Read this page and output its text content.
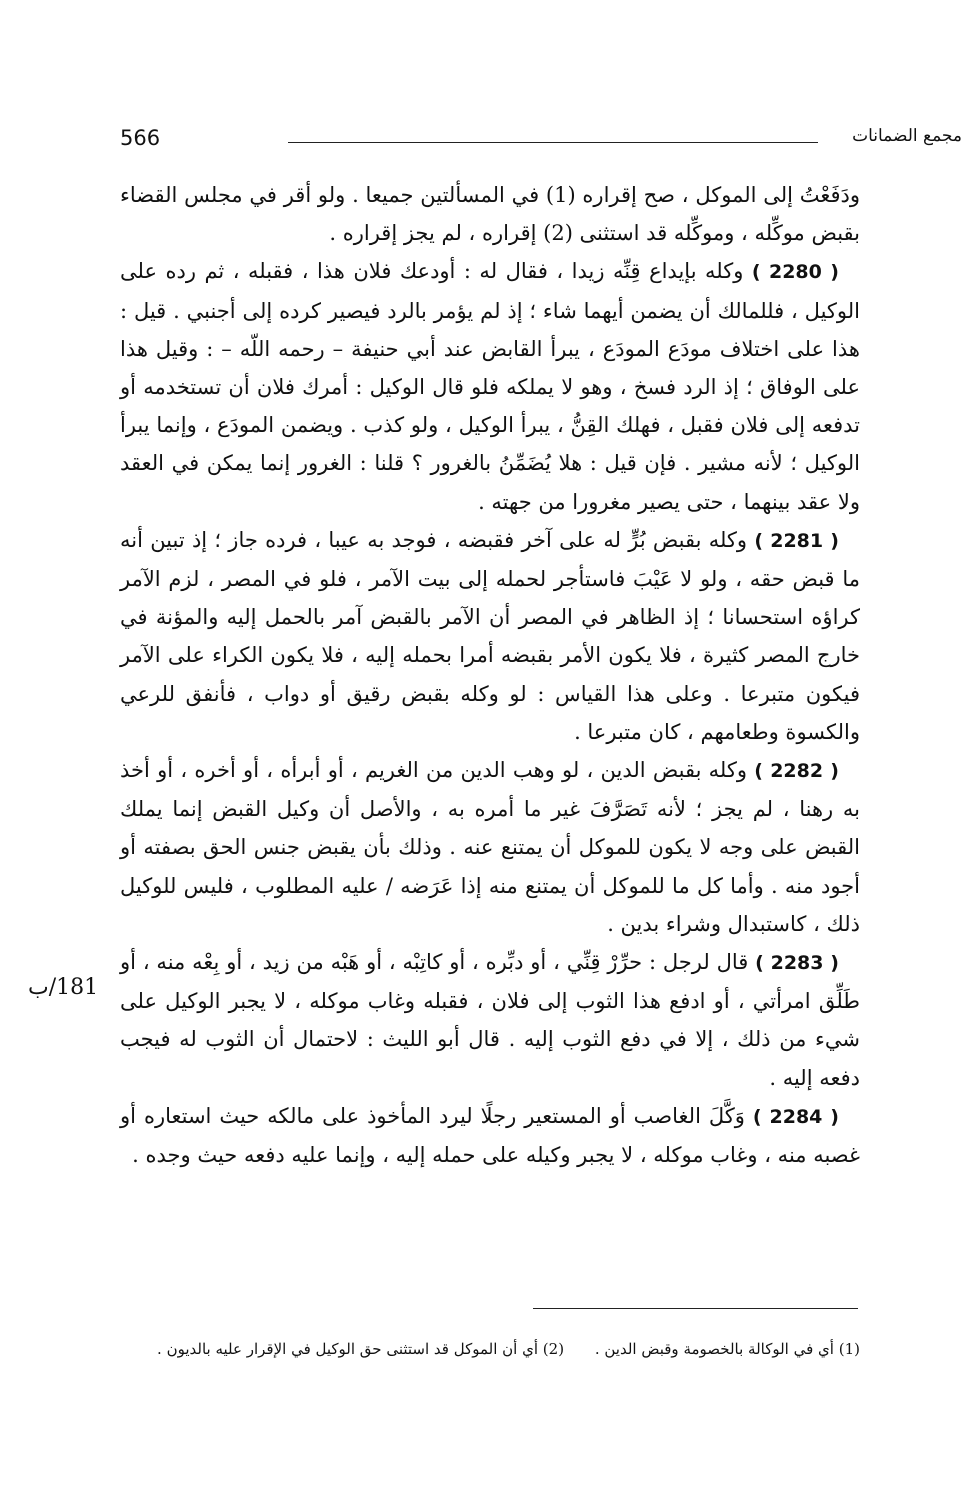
566	مجمع الضمانات

ودَفَعْتُ إلى الموكل ، صح إقراره (1) في المسألتين جميعا . ولو أقر في مجلس القضاء بقبض موكِّله ، وموكِّله قد استثنى (2) إقراره ، لم يجز إقراره .

 ( 2280 ) وكله بإيداع قِنِّه زيدا ، فقال له : أودعك فلان هذا ، فقبله ، ثم رده على الوكيل ، فللمالك أن يضمن أيهما شاء ؛ إذ لم يؤمر بالرد فيصير كرده إلى أجنبي . قيل : هذا على اختلاف مودَع المودَع ، يبرأ القابض عند أبي حنيفة – رحمه اللّه – : وقيل هذا على الوفاق ؛ إذ الرد فسخ ، وهو لا يملكه فلو قال الوكيل : أمرك فلان أن تستخدمه أو تدفعه إلى فلان فقبل ، فهلك القِنُّ ، يبرأ الوكيل ، ولو كذب . ويضمن المودَع ، وإنما يبرأ الوكيل ؛ لأنه مشير . فإن قيل : هلا يُضَمِّنُ بالغرور ؟ قلنا : الغرور إنما يمكن في العقد ولا عقد بينهما ، حتى يصير مغرورا من جهته .

 ( 2281 ) وكله بقبض بُرٍّ له على آخر فقبضه ، فوجد به عيبا ، فرده جاز ؛ إذ تبين أنه ما قبض حقه ، ولو لا عَيْبَ فاستأجر لحمله إلى بيت الآمر ، فلو في المصر ، لزم الآمر كراؤه استحسانا ؛ إذ الظاهر في المصر أن الآمر بالقبض آمر بالحمل إليه والمؤنة في خارج المصر كثيرة ، فلا يكون الأمر بقبضه أمرا بحمله إليه ، فلا يكون الكراء على الآمر فيكون متبرعا . وعلى هذا القياس : لو وكله بقبض رقيق أو دواب ، فأنفق للرعي والكسوة وطعامهم ، كان متبرعا .

 ( 2282 ) وكله بقبض الدين ، لو وهب الدين من الغريم ، أو أبرأه ، أو أخره ، أو أخذ به رهنا ، لم يجز ؛ لأنه تَصَرَّفَ غير ما أمره به ، والأصل أن وكيل القبض إنما يملك القبض على وجه لا يكون للموكل أن يمتنع عنه . وذلك بأن يقبض جنس الحق بصفته أو أجود منه . وأما كل ما للموكل أن يمتنع منه إذا عَرَضه / عليه المطلوب ، فليس للوكيل ذلك ، كاستبدال وشراء بدين .

 ( 2283 ) قال لرجل : حرِّرْ قِنِّي ، أو دبِّره ، أو كاتِبْه ، أو هَبْه من زيد ، أو بِعْه منه ، أو طَلِّق امرأتي ، أو ادفع هذا الثوب إلى فلان ، فقبله وغاب موكله ، لا يجبر الوكيل على شيء من ذلك ، إلا في دفع الثوب إليه . قال أبو الليث : لاحتمال أن الثوب له فيجب دفعه إليه .

 ( 2284 ) وَكَّلَ الغاصب أو المستعير رجلًا ليرد المأخوذ على مالكه حيث استعاره أو غصبه منه ، وغاب موكله ، لا يجبر وكيله على حمله إليه ، وإنما عليه دفعه حيث وجده .

181/ب
(1) أي في الوكالة بالخصومة وقبض الدين . (2) أي أن الموكل قد استثنى حق الوكيل في الإقرار عليه بالديون .
